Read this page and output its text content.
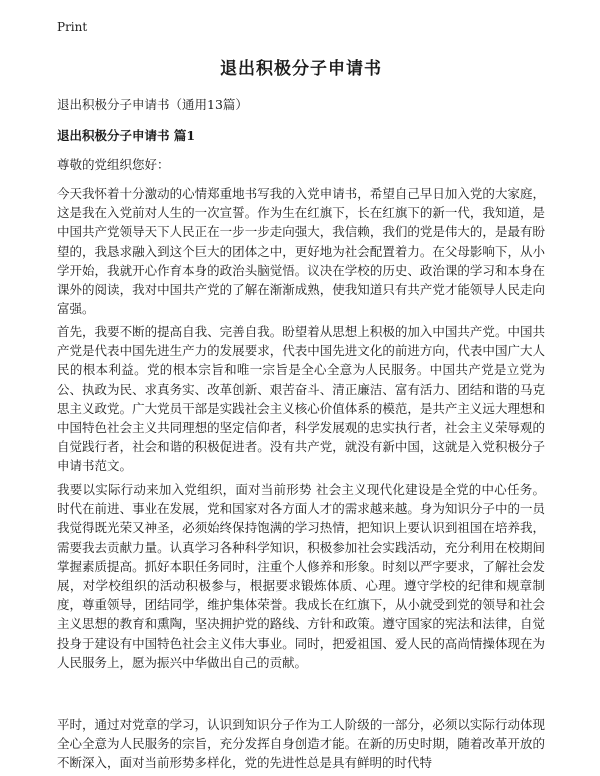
Print
退出积极分子申请书
退出积极分子申请书（通用13篇）
退出积极分子申请书 篇1
尊敬的党组织您好：

今天我怀着十分激动的心情郑重地书写我的入党申请书，希望自己早日加入党的大家庭，这是我在入党前对人生的一次宣誓。作为生在红旗下，长在红旗下的新一代，我知道，是中国共产党领导天下人民正在一步一步走向强大，我信赖，我们的党是伟大的，是最有盼望的，我恳求融入到这个巨大的团体之中，更好地为社会配置着力。在父母影响下，从小学开始，我就开心作育本身的政治头脑觉悟。议决在学校的历史、政治课的学习和本身在课外的阅读，我对中国共产党的了解在渐渐成熟，使我知道只有共产党才能领导人民走向富强。

首先，我要不断的提高自我、完善自我。盼望着从思想上积极的加入中国共产党。中国共产党是代表中国先进生产力的发展要求，代表中国先进文化的前进方向，代表中国广大人民的根本利益。党的根本宗旨和唯一宗旨是全心全意为人民服务。中国共产党是立党为公、执政为民、求真务实、改革创新、艰苦奋斗、清正廉洁、富有活力、团结和谐的马克思主义政党。广大党员干部是实践社会主义核心价值体系的模范，是共产主义远大理想和中国特色社会主义共同理想的坚定信仰者，科学发展观的忠实执行者，社会主义荣辱观的自觉践行者，社会和谐的积极促进者。没有共产党，就没有新中国，这就是入党积极分子申请书范文。

我要以实际行动来加入党组织，面对当前形势 社会主义现代化建设是全党的中心任务。时代在前进、事业在发展，党和国家对各方面人才的需求越来越。身为知识分子中的一员我觉得既光荣又神圣，必须始终保持饱满的学习热情，把知识上要认识到祖国在培养我，需要我去贡献力量。认真学习各种科学知识，积极参加社会实践活动，充分利用在校期间掌握素质提高。抓好本职任务同时，注重个人修养和形象。时刻以严字要求，了解社会发展，对学校组织的活动积极参与，根据要求锻炼体质、心理。遵守学校的纪律和规章制度，尊重领导，团结同学，维护集体荣誉。我成长在红旗下，从小就受到党的领导和社会主义思想的教育和熏陶，坚决拥护党的路线、方针和政策。遵守国家的宪法和法律，自觉投身于建设有中国特色社会主义伟大事业。同时，把爱祖国、爱人民的高尚情操体现在为人民服务上，愿为振兴中华做出自己的贡献。

平时，通过对党章的学习，认识到知识分子作为工人阶级的一部分，必须以实际行动体现全心全意为人民服务的宗旨，充分发挥自身创造才能。在新的历史时期，随着改革开放的不断深入，面对当前形势多样化，党的先进性总是具有鲜明的时代特
